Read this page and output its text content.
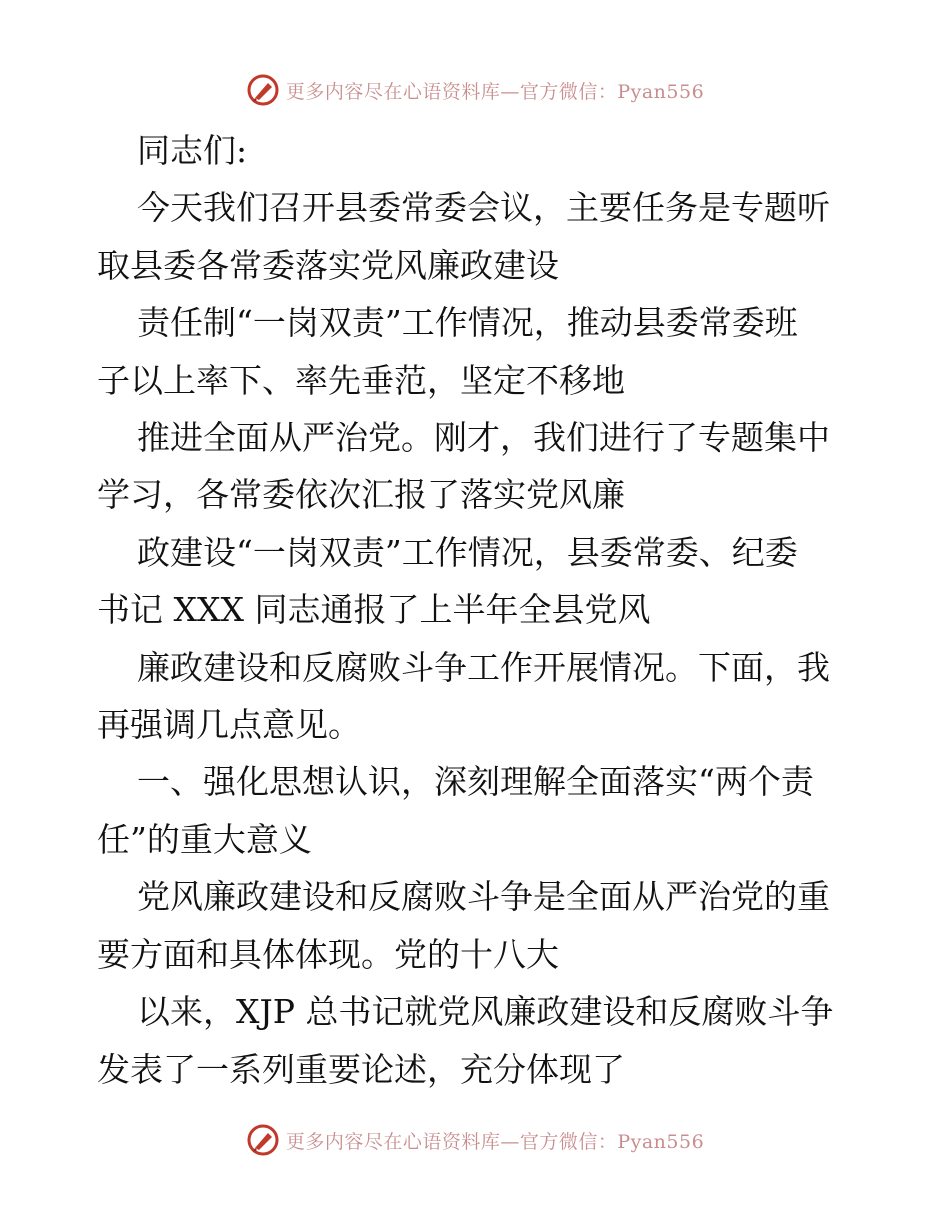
更多内容尽在心语资料库—官方微信：Pyan556

同志们:

今天我们召开县委常委会议，主要任务是专题听
取县委各常委落实党风廉政建设

责任制“一岗双责”工作情况，推动县委常委班
子以上率下、率先垂范，坚定不移地

推进全面从严治党。刚才，我们进行了专题集中
学习，各常委依次汇报了落实党风廉

政建设“一岗双责”工作情况，县委常委、纪委
书记 XXX 同志通报了上半年全县党风

廉政建设和反腐败斗争工作开展情况。下面，我
再强调几点意见。

一、强化思想认识，深刻理解全面落实“两个责
任”的重大意义

党风廉政建设和反腐败斗争是全面从严治党的重
要方面和具体体现。党的十八大

以来，XJP 总书记就党风廉政建设和反腐败斗争
发表了一系列重要论述，充分体现了

更多内容尽在心语资料库—官方微信：Pyan556
